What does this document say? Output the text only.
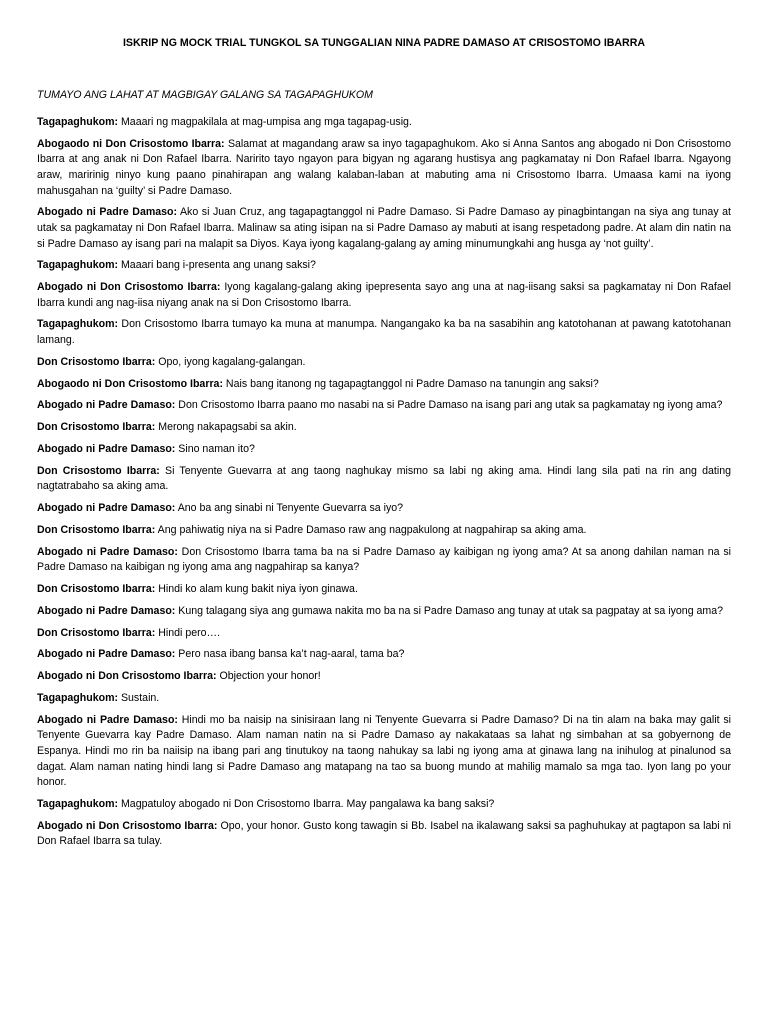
ISKRIP NG MOCK TRIAL TUNGKOL SA TUNGGALIAN NINA PADRE DAMASO AT CRISOSTOMO IBARRA

TUMAYO ANG LAHAT AT MAGBIGAY GALANG SA TAGAPAGHUKOM

Tagapaghukom: Maaari ng magpakilala at mag-umpisa ang mga tagapag-usig.

Abogaodo ni Don Crisostomo Ibarra: Salamat at magandang araw sa inyo tagapaghukom. Ako si Anna Santos ang abogado ni Don Crisostomo Ibarra at ang anak ni Don Rafael Ibarra. Naririto tayo ngayon para bigyan ng agarang hustisya ang pagkamatay ni Don Rafael Ibarra. Ngayong araw, maririnig ninyo kung paano pinahirapan ang walang kalaban-laban at mabuting ama ni Crisostomo Ibarra. Umaasa kami na iyong mahusgahan na ‘guilty’ si Padre Damaso.

Abogado ni Padre Damaso: Ako si Juan Cruz, ang tagapagtanggol ni Padre Damaso. Si Padre Damaso ay pinagbintangan na siya ang tunay at utak sa pagkamatay ni Don Rafael Ibarra. Malinaw sa ating isipan na si Padre Damaso ay mabuti at isang respetadong padre. At alam din natin na si Padre Damaso ay isang pari na malapit sa Diyos. Kaya iyong kagalang-galang ay aming minumungkahi ang husga ay ‘not guilty’.

Tagapaghukom: Maaari bang i-presenta ang unang saksi?

Abogado ni Don Crisostomo Ibarra: Iyong kagalang-galang aking ipepresenta sayo ang una at nag-iisang saksi sa pagkamatay ni Don Rafael Ibarra kundi ang nag-iisa niyang anak na si Don Crisostomo Ibarra.

Tagapaghukom: Don Crisostomo Ibarra tumayo ka muna at manumpa. Nangangako ka ba na sasabihin ang katotohanan at pawang katotohanan lamang.

Don Crisostomo Ibarra: Opo, iyong kagalang-galangan.

Abogaodo ni Don Crisostomo Ibarra: Nais bang itanong ng tagapagtanggol ni Padre Damaso na tanungin ang saksi?

Abogado ni Padre Damaso: Don Crisostomo Ibarra paano mo nasabi na si Padre Damaso na isang pari ang utak sa pagkamatay ng iyong ama?

Don Crisostomo Ibarra: Merong nakapagsabi sa akin.

Abogado ni Padre Damaso: Sino naman ito?

Don Crisostomo Ibarra: Si Tenyente Guevarra at ang taong naghukay mismo sa labi ng aking ama. Hindi lang sila pati na rin ang dating nagtatrabaho sa aking ama.

Abogado ni Padre Damaso: Ano ba ang sinabi ni Tenyente Guevarra sa iyo?

Don Crisostomo Ibarra: Ang pahiwatig niya na si Padre Damaso raw ang nagpakulong at nagpahirap sa aking ama.

Abogado ni Padre Damaso: Don Crisostomo Ibarra tama ba na si Padre Damaso ay kaibigan ng iyong ama? At sa anong dahilan naman na si Padre Damaso na kaibigan ng iyong ama ang nagpahirap sa kanya?

Don Crisostomo Ibarra: Hindi ko alam kung bakit niya iyon ginawa.

Abogado ni Padre Damaso: Kung talagang siya ang gumawa nakita mo ba na si Padre Damaso ang tunay at utak sa pagpatay at sa iyong ama?

Don Crisostomo Ibarra: Hindi pero….

Abogado ni Padre Damaso: Pero nasa ibang bansa ka’t nag-aaral, tama ba?

Abogado ni Don Crisostomo Ibarra: Objection your honor!

Tagapaghukom: Sustain.

Abogado ni Padre Damaso: Hindi mo ba naisip na sinisiraan lang ni Tenyente Guevarra si Padre Damaso? Di na tin alam na baka may galit si Tenyente Guevarra kay Padre Damaso. Alam naman natin na si Padre Damaso ay nakakataas sa lahat ng simbahan at sa gobyernong de Espanya. Hindi mo rin ba naiisip na ibang pari ang tinutukoy na taong nahukay sa labi ng iyong ama at ginawa lang na inihulog at pinalunod sa dagat. Alam naman nating hindi lang si Padre Damaso ang matapang na tao sa buong mundo at mahilig mamalo sa mga tao. Iyon lang po your honor.

Tagapaghukom: Magpatuloy abogado ni Don Crisostomo Ibarra. May pangalawa ka bang saksi?

Abogado ni Don Crisostomo Ibarra: Opo, your honor. Gusto kong tawagin si Bb. Isabel na ikalawang saksi sa paghuhukay at pagtapon sa labi ni Don Rafael Ibarra sa tulay.
